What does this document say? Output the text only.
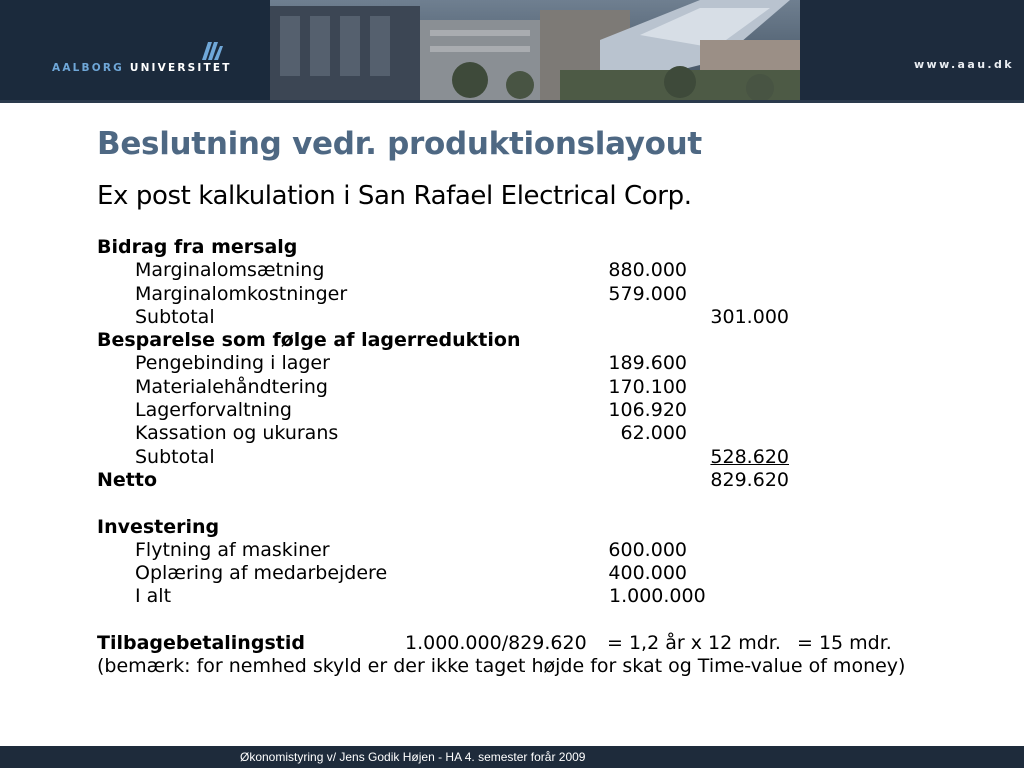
AALBORG UNIVERSITET	www.aau.dk
Beslutning vedr. produktionslayout
Ex post kalkulation i San Rafael Electrical Corp.
Bidrag fra mersalg
Marginalomsætning	880.000
Marginalomkostninger	579.000
Subtotal	301.000
Besparelse som følge af lagerreduktion
Pengebinding i lager	189.600
Materialehåndtering	170.100
Lagerforvaltning	106.920
Kassation og ukurans	62.000
Subtotal	528.620
Netto	829.620
Investering
Flytning af maskiner	600.000
Oplæring af medarbejdere	400.000
I alt	1.000.000
Tilbagebetalingstid	1.000.000/829.620 = 1,2 år x 12 mdr. = 15 mdr.
(bemærk: for nemhed skyld er der ikke taget højde for skat og Time-value of money)
Økonomistyring v/ Jens Godik Højen - HA 4. semester forår 2009
